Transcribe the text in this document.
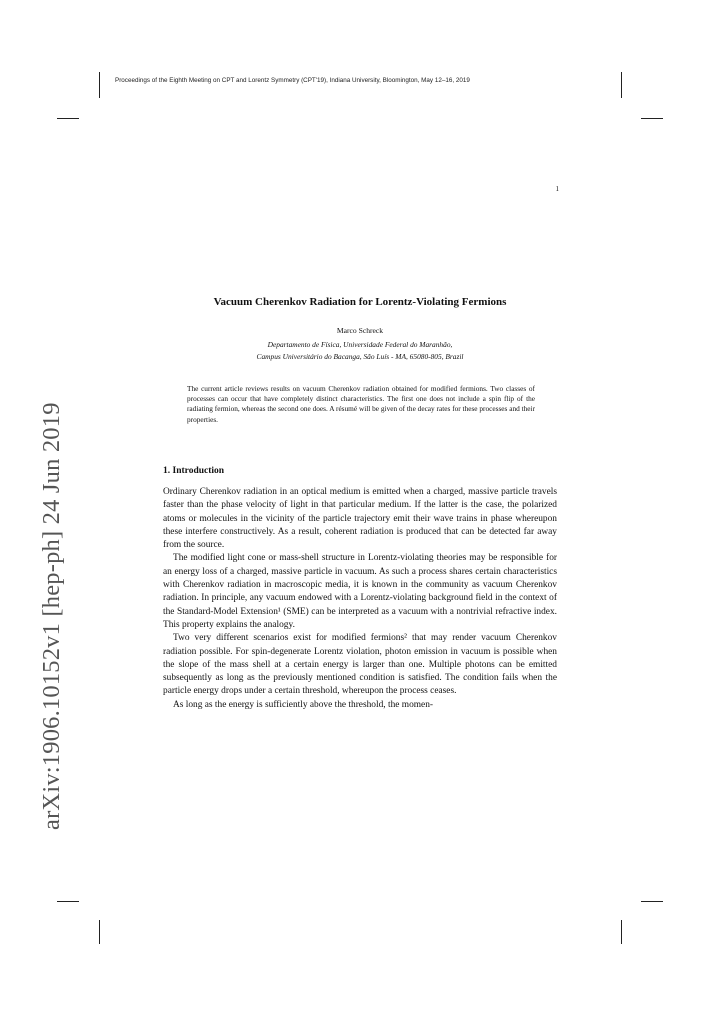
Proceedings of the Eighth Meeting on CPT and Lorentz Symmetry (CPT'19), Indiana University, Bloomington, May 12–16, 2019
1
arXiv:1906.10152v1 [hep-ph] 24 Jun 2019
Vacuum Cherenkov Radiation for Lorentz-Violating Fermions
Marco Schreck
Departamento de Física, Universidade Federal do Maranhão,
Campus Universitário do Bacanga, São Luís - MA, 65080-805, Brazil
The current article reviews results on vacuum Cherenkov radiation obtained for modified fermions. Two classes of processes can occur that have completely distinct characteristics. The first one does not include a spin flip of the radiating fermion, whereas the second one does. A résumé will be given of the decay rates for these processes and their properties.
1. Introduction

Ordinary Cherenkov radiation in an optical medium is emitted when a charged, massive particle travels faster than the phase velocity of light in that particular medium. If the latter is the case, the polarized atoms or molecules in the vicinity of the particle trajectory emit their wave trains in phase whereupon these interfere constructively. As a result, coherent radiation is produced that can be detected far away from the source.

The modified light cone or mass-shell structure in Lorentz-violating theories may be responsible for an energy loss of a charged, massive particle in vacuum. As such a process shares certain characteristics with Cherenkov radiation in macroscopic media, it is known in the community as vacuum Cherenkov radiation. In principle, any vacuum endowed with a Lorentz-violating background field in the context of the Standard-Model Extension¹ (SME) can be interpreted as a vacuum with a nontrivial refractive index. This property explains the analogy.

Two very different scenarios exist for modified fermions² that may render vacuum Cherenkov radiation possible. For spin-degenerate Lorentz violation, photon emission in vacuum is possible when the slope of the mass shell at a certain energy is larger than one. Multiple photons can be emitted subsequently as long as the previously mentioned condition is satisfied. The condition fails when the particle energy drops under a certain threshold, whereupon the process ceases.

As long as the energy is sufficiently above the threshold, the momen-
